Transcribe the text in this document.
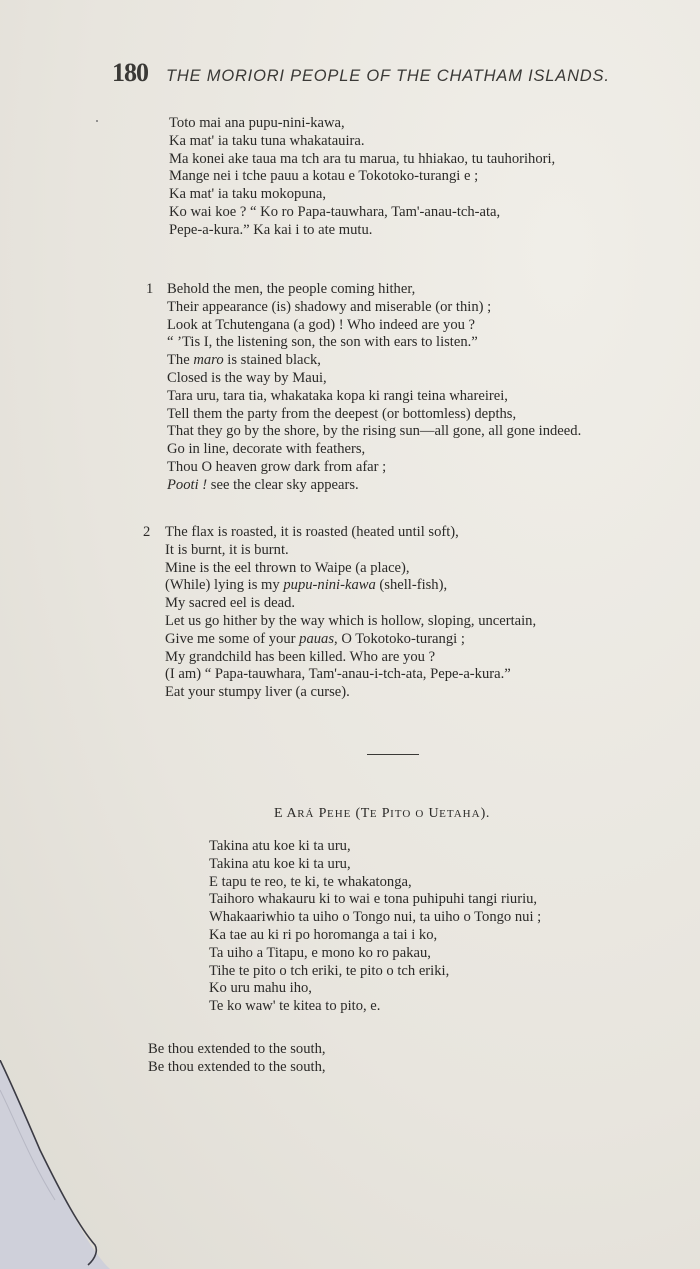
180 THE MORIORI PEOPLE OF THE CHATHAM ISLANDS.
Toto mai ana pupu-nini-kawa,
Ka mat' ia taku tuna whakatauira.
Ma konei ake taua ma tch ara tu marua, tu hhiakao, tu tauhorihori,
Mange nei i tche pauu a kotau e Tokotoko-turangi e ;
Ka mat' ia taku mokopuna,
Ko wai koe ? “ Ko ro Papa-tauwhara, Tam'-anau-tch-ata,
Pepe-a-kura.” Ka kai i to ate mutu.
1 Behold the men, the people coming hither,
Their appearance (is) shadowy and miserable (or thin) ;
Look at Tchutengana (a god) ! Who indeed are you ?
“ ’Tis I, the listening son, the son with ears to listen.”
The maro is stained black,
Closed is the way by Maui,
Tara uru, tara tia, whakataka kopa ki rangi teina whareirei,
Tell them the party from the deepest (or bottomless) depths,
That they go by the shore, by the rising sun—all gone, all gone indeed.
Go in line, decorate with feathers,
Thou O heaven grow dark from afar ;
Pooti ! see the clear sky appears.
2 The flax is roasted, it is roasted (heated until soft),
It is burnt, it is burnt.
Mine is the eel thrown to Waipe (a place),
(While) lying is my pupu-nini-kawa (shell-fish),
My sacred eel is dead.
Let us go hither by the way which is hollow, sloping, uncertain,
Give me some of your pauas, O Tokotoko-turangi ;
My grandchild has been killed. Who are you ?
(I am) “ Papa-tauwhara, Tam'-anau-i-tch-ata, Pepe-a-kura.”
Eat your stumpy liver (a curse).
E ARÁ PEHE (TE PITO O UETAHA).
Takina atu koe ki ta uru,
Takina atu koe ki ta uru,
E tapu te reo, te ki, te whakatonga,
Taihoro whakauru ki to wai e tona puhipuhi tangi riuriu,
Whakaariwhio ta uiho o Tongo nui, ta uiho o Tongo nui ;
Ka tae au ki ri po horomanga a tai i ko,
Ta uiho a Titapu, e mono ko ro pakau,
Tihe te pito o tch eriki, te pito o tch eriki,
Ko uru mahu iho,
Te ko waw' te kitea to pito, e.
Be thou extended to the south,
Be thou extended to the south,
